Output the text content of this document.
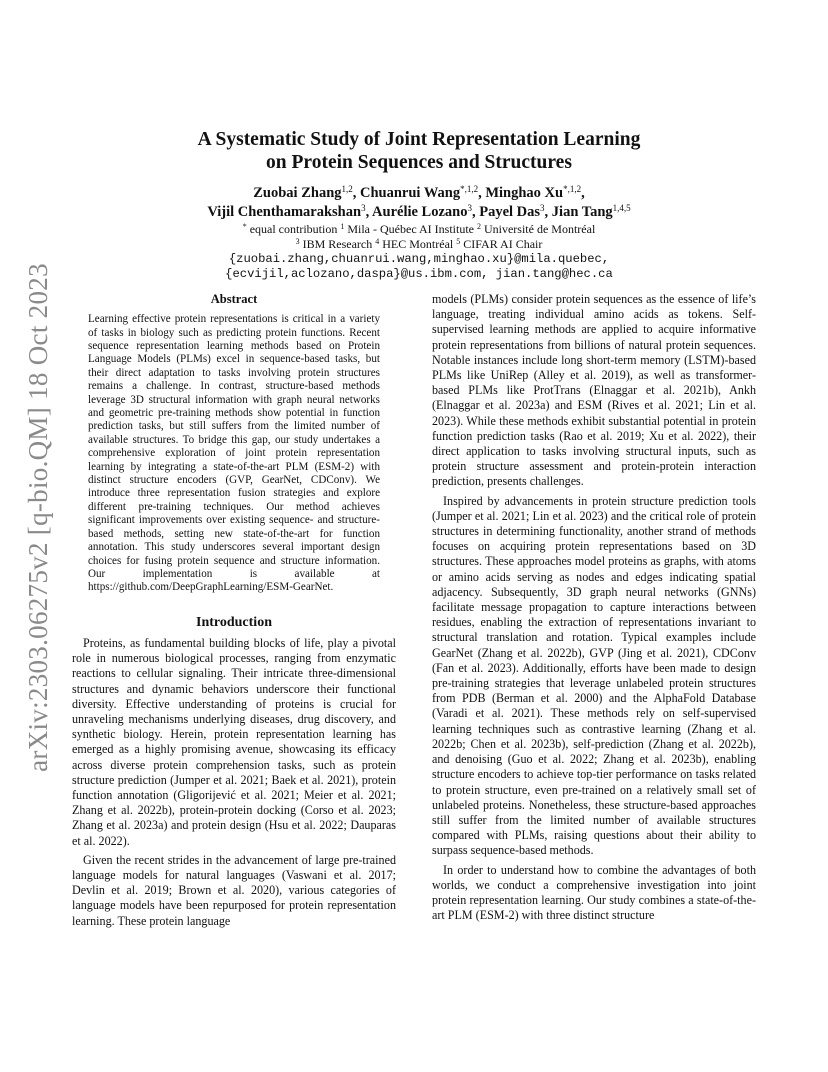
arXiv:2303.06275v2 [q-bio.QM] 18 Oct 2023
A Systematic Study of Joint Representation Learning
on Protein Sequences and Structures
Zuobai Zhang$^{1,2}$, Chuanrui Wang$^{*,1,2}$, Minghao $Xu^{*,1,2}$,
Vijil Chenthamarakshan$^3$, Aurélie Lozano$^3$, Payel Das$^3$, Jian Tang$^{1,4,5}$
* equal contribution $^1$ Mila - Québec AI Institute $^2$ Université de Montréal
$^3$ IBM Research $^4$ HEC Montréal $^5$ CIFAR AI Chair
{zuobai.zhang,chuanrui.wang,minghao.xu}@mila.quebec,
{ecvijil,aclozano,daspa}@us.ibm.com, jian.tang@hec.ca
Abstract
Learning effective protein representations is critical in a variety of tasks in biology such as predicting protein functions. Recent sequence representation learning methods based on Protein Language Models (PLMs) excel in sequence-based tasks, but their direct adaptation to tasks involving protein structures remains a challenge. In contrast, structure-based methods leverage 3D structural information with graph neural networks and geometric pre-training methods show potential in function prediction tasks, but still suffers from the limited number of available structures. To bridge this gap, our study undertakes a comprehensive exploration of joint protein representation learning by integrating a state-of-the-art PLM (ESM-2) with distinct structure encoders (GVP, GearNet, CDConv). We introduce three representation fusion strategies and explore different pre-training techniques. Our method achieves significant improvements over existing sequence- and structure-based methods, setting new state-of-the-art for function annotation. This study underscores several important design choices for fusing protein sequence and structure information. Our implementation is available at https://github.com/DeepGraphLearning/ESM-GearNet.
Introduction

Proteins, as fundamental building blocks of life, play a pivotal role in numerous biological processes, ranging from enzymatic reactions to cellular signaling. Their intricate three-dimensional structures and dynamic behaviors underscore their functional diversity. Effective understanding of proteins is crucial for unraveling mechanisms underlying diseases, drug discovery, and synthetic biology. Herein, protein representation learning has emerged as a highly promising avenue, showcasing its efficacy across diverse protein comprehension tasks, such as protein structure prediction (Jumper et al. 2021; Baek et al. 2021), protein function annotation (Gligorijević et al. 2021; Meier et al. 2021; Zhang et al. 2022b), protein-protein docking (Corso et al. 2023; Zhang et al. 2023a) and protein design (Hsu et al. 2022; Dauparas et al. 2022).

Given the recent strides in the advancement of large pre-trained language models for natural languages (Vaswani et al. 2017; Devlin et al. 2019; Brown et al. 2020), various categories of language models have been repurposed for protein representation learning. These protein language

models (PLMs) consider protein sequences as the essence of life’s language, treating individual amino acids as tokens. Self-supervised learning methods are applied to acquire informative protein representations from billions of natural protein sequences. Notable instances include long short-term memory (LSTM)-based PLMs like UniRep (Alley et al. 2019), as well as transformer-based PLMs like ProtTrans (Elnaggar et al. 2021b), Ankh (Elnaggar et al. 2023a) and ESM (Rives et al. 2021; Lin et al. 2023). While these methods exhibit substantial potential in protein function prediction tasks (Rao et al. 2019; Xu et al. 2022), their direct application to tasks involving structural inputs, such as protein structure assessment and protein-protein interaction prediction, presents challenges.

Inspired by advancements in protein structure prediction tools (Jumper et al. 2021; Lin et al. 2023) and the critical role of protein structures in determining functionality, another strand of methods focuses on acquiring protein representations based on 3D structures. These approaches model proteins as graphs, with atoms or amino acids serving as nodes and edges indicating spatial adjacency. Subsequently, 3D graph neural networks (GNNs) facilitate message propagation to capture interactions between residues, enabling the extraction of representations invariant to structural translation and rotation. Typical examples include GearNet (Zhang et al. 2022b), GVP (Jing et al. 2021), CDConv (Fan et al. 2023). Additionally, efforts have been made to design pre-training strategies that leverage unlabeled protein structures from PDB (Berman et al. 2000) and the AlphaFold Database (Varadi et al. 2021). These methods rely on self-supervised learning techniques such as contrastive learning (Zhang et al. 2022b; Chen et al. 2023b), self-prediction (Zhang et al. 2022b), and denoising (Guo et al. 2022; Zhang et al. 2023b), enabling structure encoders to achieve top-tier performance on tasks related to protein structure, even pre-trained on a relatively small set of unlabeled proteins. Nonetheless, these structure-based approaches still suffer from the limited number of available structures compared with PLMs, raising questions about their ability to surpass sequence-based methods.

In order to understand how to combine the advantages of both worlds, we conduct a comprehensive investigation into joint protein representation learning. Our study combines a state-of-the-art PLM (ESM-2) with three distinct structure
